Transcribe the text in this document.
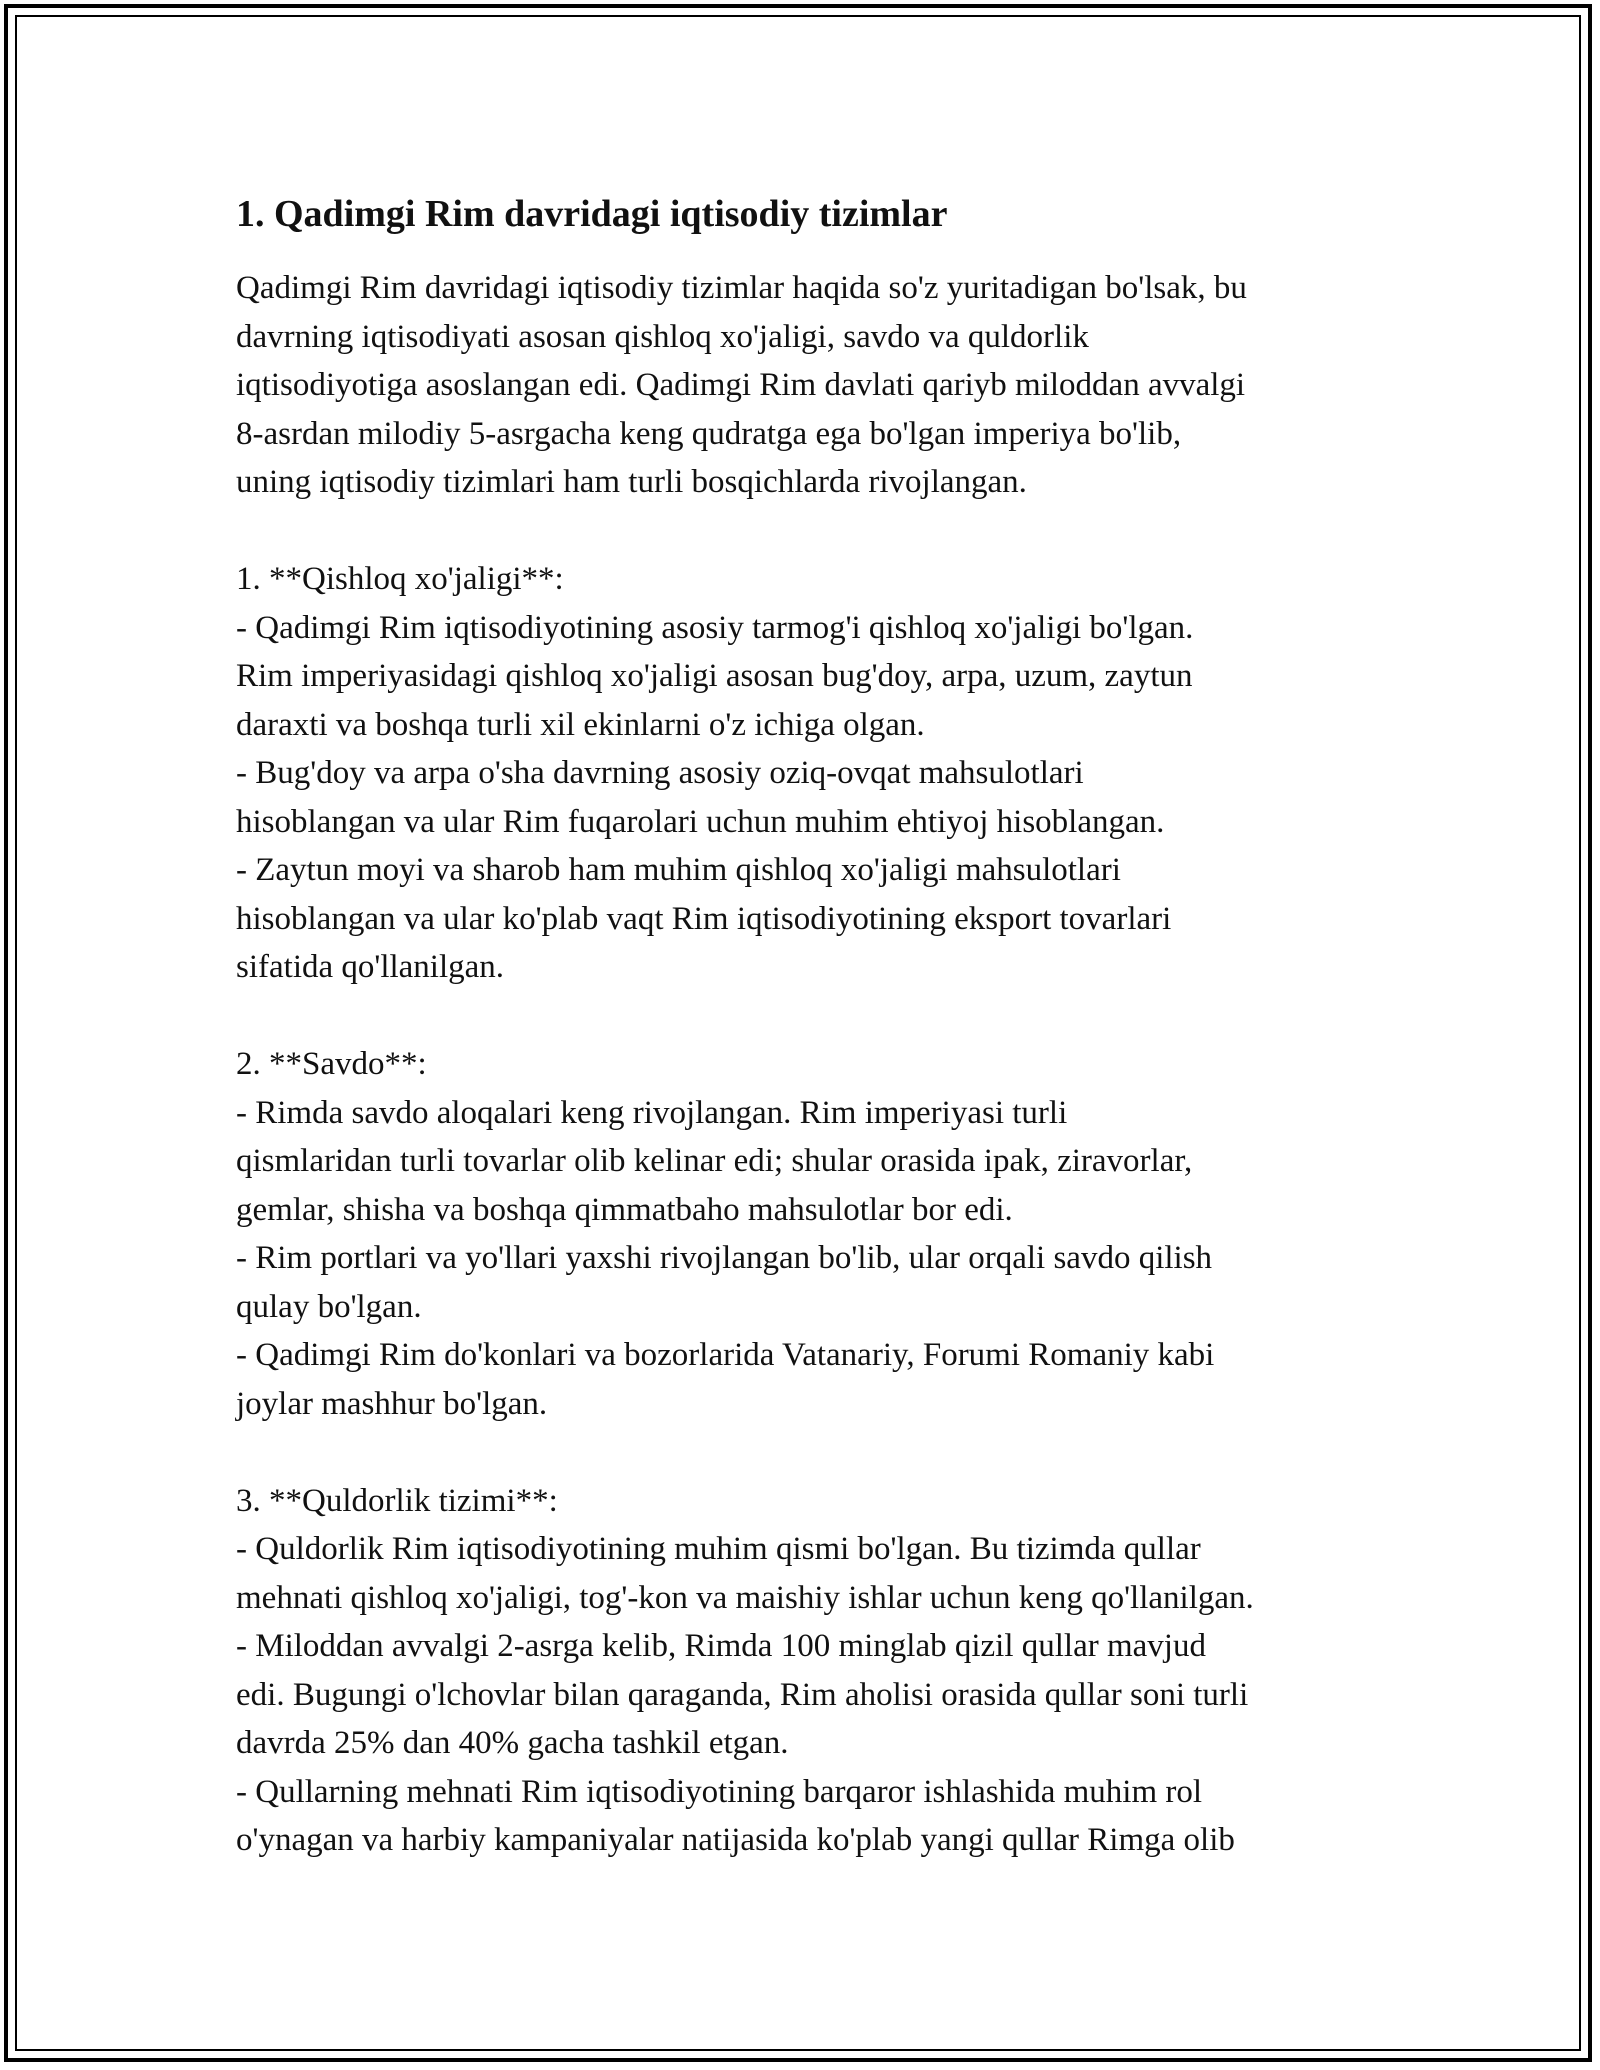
1. Qadimgi Rim davridagi iqtisodiy tizimlar

Qadimgi Rim davridagi iqtisodiy tizimlar haqida so'z yuritadigan bo'lsak, bu
davrning iqtisodiyati asosan qishloq xo'jaligi, savdo va quldorlik
iqtisodiyotiga asoslangan edi. Qadimgi Rim davlati qariyb miloddan avvalgi
8-asrdan milodiy 5-asrgacha keng qudratga ega bo'lgan imperiya bo'lib,
uning iqtisodiy tizimlari ham turli bosqichlarda rivojlangan.

1. **Qishloq xo'jaligi**:

- Qadimgi Rim iqtisodiyotining asosiy tarmog'i qishloq xo'jaligi bo'lgan.
Rim imperiyasidagi qishloq xo'jaligi asosan bug'doy, arpa, uzum, zaytun
daraxti va boshqa turli xil ekinlarni o'z ichiga olgan.

- Bug'doy va arpa o'sha davrning asosiy oziq-ovqat mahsulotlari
hisoblangan va ular Rim fuqarolari uchun muhim ehtiyoj hisoblangan.

- Zaytun moyi va sharob ham muhim qishloq xo'jaligi mahsulotlari
hisoblangan va ular ko'plab vaqt Rim iqtisodiyotining eksport tovarlari
sifatida qo'llanilgan.

2. **Savdo**:

- Rimda savdo aloqalari keng rivojlangan. Rim imperiyasi turli
qismlaridan turli tovarlar olib kelinar edi; shular orasida ipak, ziravorlar,
gemlar, shisha va boshqa qimmatbaho mahsulotlar bor edi.

- Rim portlari va yo'llari yaxshi rivojlangan bo'lib, ular orqali savdo qilish
qulay bo'lgan.

- Qadimgi Rim do'konlari va bozorlarida Vatanariy, Forumi Romaniy kabi
joylar mashhur bo'lgan.

3. **Quldorlik tizimi**:

- Quldorlik Rim iqtisodiyotining muhim qismi bo'lgan. Bu tizimda qullar
mehnati qishloq xo'jaligi, tog'-kon va maishiy ishlar uchun keng qo'llanilgan.

- Miloddan avvalgi 2-asrga kelib, Rimda 100 minglab qizil qullar mavjud
edi. Bugungi o'lchovlar bilan qaraganda, Rim aholisi orasida qullar soni turli
davrda 25% dan 40% gacha tashkil etgan.

- Qullarning mehnati Rim iqtisodiyotining barqaror ishlashida muhim rol
o'ynagan va harbiy kampaniyalar natijasida ko'plab yangi qullar Rimga olib
